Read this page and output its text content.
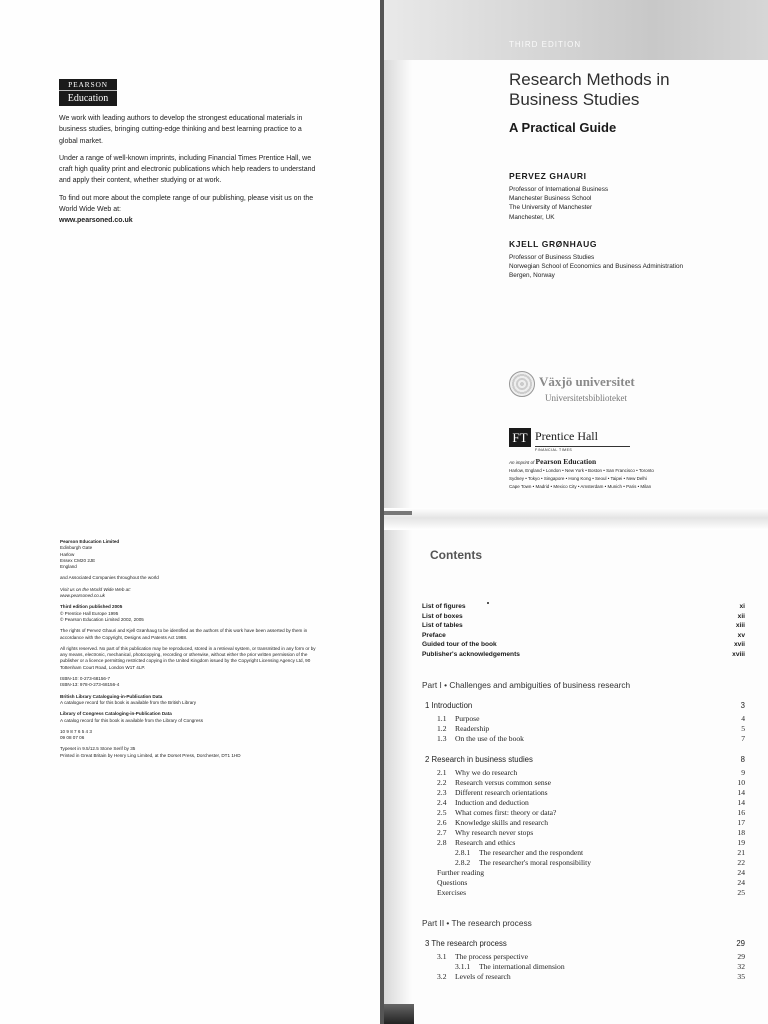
PEARSON
Education

We work with leading authors to develop the strongest educational materials in business studies, bringing cutting-edge thinking and best learning practice to a global market.

Under a range of well-known imprints, including Financial Times Prentice Hall, we craft high quality print and electronic publications which help readers to understand and apply their content, whether studying or at work.

To find out more about the complete range of our publishing, please visit us on the World Wide Web at:
www.pearsoned.co.uk

Pearson Education Limited
Edinburgh Gate
Harlow
Essex CM20 2JE
England
and Associated Companies throughout the world
Visit us on the World Wide Web at:
www.pearsoned.co.uk
Third edition published 2005
© Prentice Hall Europe 1995
© Pearson Education Limited 2002, 2005
The rights of Pervez Ghauri and Kjell Grønhaug to be identified as the authors of this work have been asserted by them in accordance with the Copyright, Designs and Patents Act 1988.
All rights reserved. No part of this publication may be reproduced, stored in a retrieval system, or transmitted in any form or by any means, electronic, mechanical, photocopying, recording or otherwise, without either the prior written permission of the publisher or a licence permitting restricted copying in the United Kingdom issued by the Copyright Licensing Agency Ltd, 90 Tottenham Court Road, London W1T 4LP.
ISBN-10: 0-273-68156-7
ISBN-13: 978-0-273-68156-4
British Library Cataloguing-in-Publication Data
A catalogue record for this book is available from the British Library
Library of Congress Cataloging-in-Publication Data
A catalog record for this book is available from the Library of Congress
10 9 8 7 6 5 4 3
09 08 07 06
Typeset in 9.5/12.5 Stone Serif by 35
Printed in Great Britain by Henry Ling Limited, at the Dorset Press, Dorchester, DT1 1HD
THIRD EDITION
Research Methods in
Business Studies
A Practical Guide
PERVEZ GHAURI
Professor of International Business
Manchester Business School
The University of Manchester
Manchester, UK
KJELL GRØNHAUG
Professor of Business Studies
Norwegian School of Economics and Business Administration
Bergen, Norway
Växjö universitet
Universitetsbiblioteket
FT Prentice Hall
FINANCIAL TIMES
An imprint of Pearson Education
Harlow, England • London • New York • Boston • San Francisco • Toronto
Sydney • Tokyo • Singapore • Hong Kong • Seoul • Taipei • New Delhi
Cape Town • Madrid • Mexico City • Amsterdam • Munich • Paris • Milan
Contents
List of figures	xi
List of boxes	xii
List of tables	xiii
Preface	xv
Guided tour of the book	xvii
Publisher's acknowledgements	xviii
Part I • Challenges and ambiguities of business research
1 Introduction	3
1.1 Purpose	4
1.2 Readership	5
1.3 On the use of the book	7
2 Research in business studies	8
2.1 Why we do research	9
2.2 Research versus common sense	10
2.3 Different research orientations	14
2.4 Induction and deduction	14
2.5 What comes first: theory or data?	16
2.6 Knowledge skills and research	17
2.7 Why research never stops	18
2.8 Research and ethics	19
2.8.1 The researcher and the respondent	21
2.8.2 The researcher's moral responsibility	22
Further reading	24
Questions	24
Exercises	25
Part II • The research process
3 The research process	29
3.1 The process perspective	29
3.1.1 The international dimension	32
3.2 Levels of research	35
